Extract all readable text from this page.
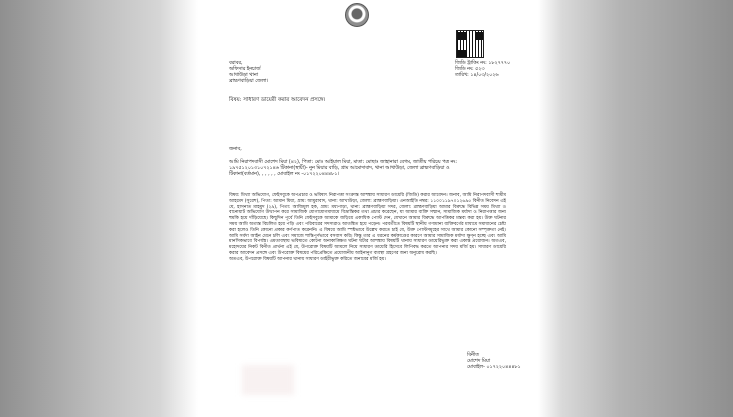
জিডি ট্রাকিং নং: ১৮২৭৭৭০
জিডি নং: ৫২৩
তারিখ: ১৪/০৩/২০২৬
বরাবর,
অফিসার ইনচার্জ
আখাউড়া থানা
ব্রাহ্মণবাড়িয়া জেলা।
বিষয়: সাধারণ ডায়েরী করার আবেদন প্রসঙ্গে।
জনাব,
আমি নিরাপদবাসী মোশেদ মিয়া (৪২), পিতা: মোঃ আইয়াল মিয়া, মাতা: মোছাঃ জাহানারা বেগম, জাতীয় পরিচয় পত্র নং:
১৯৭৫১২০১৩১০৭২১৪৬ টিকানা(স্থায়ী)- নুন মিয়ার বাড়ি, গ্রাম আমোদাবাদ, থানা আখাউড়া, জেলা ব্রাহ্মণবাড়িয়া ও
টিকানা(বর্তমান), , , , , , মোবাইল নং -০১৭২২০৪৪৪৮১।
বিষয়: মিথ্যা অভিযোগ, ফেইসবুকে অপপ্রচার ও ভবিষ্যৎ নিরাপত্তা সংক্রান্ত আশঙ্কায় সাধারণ ডায়েরি (জিডি) করার আবেদন। জনাব, আমি নিরাপদবাসী শামীম আহমেদ (সুরেশ), পিতা: আমান মিয়া, গ্রাম: আমুরাবাদ, থানা: আখাউড়া, জেলা: ব্রাহ্মণবাড়িয়া। এনআইডি নম্বর: ১১০০১১৯৭০১২৬৯৫ বিনীত নিবেদন এই যে, হাসনাত মাহমুদ (২৯), পিতা: আজিমুল হক, গ্রাম: মধ্যপাড়া, থানা: ব্রাহ্মণবাড়িয়া সদর, জেলা: ব্রাহ্মণবাড়িয়া আমার বিরুদ্ধে বিভিন্ন সময় মিথ্যা ও বানোয়াট অভিযোগ উত্থাপন করে সামাজিক যোগাযোগমাধ্যমে বিভ্রান্তিকর তথ্য প্রচার করেছেন, যা আমার ব্যক্তি সম্মান, সামাজিক মর্যাদা ও নিরাপত্তার জন্য হুমকি হয়ে দাঁড়িয়েছে। কিছুদিন পূর্বে তিনি ফেইসবুকে আমাকে জড়িয়ে একাধিক পোস্ট দেন, যেখানে আমার বিরুদ্ধে আপত্তিকর মন্তব্য করা হয়। উক্ত ঘটনার সময় আমি অত্যন্ত বিচলিত হয়ে পড়ি এবং পরিবারের সদস্যরাও আতঙ্কিত হয়ে পড়েন। পরবর্তীতে বিষয়টি স্থানীয় গণ্যমান্য ব্যক্তিবর্গের মাধ্যমে সমাধানের চেষ্টা করা হলেও তিনি কোনো প্রকার কর্ণপাত করেননি। এ বিষয়ে আমি স্পষ্টভাবে উল্লেখ করতে চাই যে, উক্ত পোস্টসমূহের সাথে আমার কোনো সম্পৃক্ততা নেই। আমি সর্বদা আইন মেনে চলি এবং সমাজে শান্তিপূর্ণভাবে বসবাস করি। কিন্তু তার এ ধরনের কর্মকাণ্ডের কারণে আমার সামাজিক মর্যাদা ক্ষুণ্ন হচ্ছে এবং আমি মানসিকভাবে বিপর্যস্ত। এমতাবস্থায় ভবিষ্যতে কোনো অনাকাঙ্ক্ষিত ঘটনা ঘটার আশঙ্কায় বিষয়টি থানায় সাধারণ ডায়েরিভুক্ত করা একান্ত প্রয়োজন। অতএব, মহোদয়ের নিকট বিনীত প্রার্থনা এই যে, উপরোক্ত বিষয়টি আমলে নিয়ে সাধারণ ডায়েরি হিসেবে লিপিবদ্ধ করতে আপনার সদয় মর্জি হয়। সাধারণ ডায়েরি করার আবেদন প্রসঙ্গে এবং উপরোক্ত বিষয়ের পরিপ্রেক্ষিতে প্রয়োজনীয় আইনানুগ ব্যবস্থা গ্রহণের জন্য অনুরোধ করছি।
অতএব, উপরোক্ত বিষয়টি আপনার থানায় সাধারণ ডাইরীভুক্ত করিতে জনাবের মর্জি হয়।
বিনীত
মোশেদ মিয়া
মোবাইল- ০১৭২২০৪৪৪৮১
